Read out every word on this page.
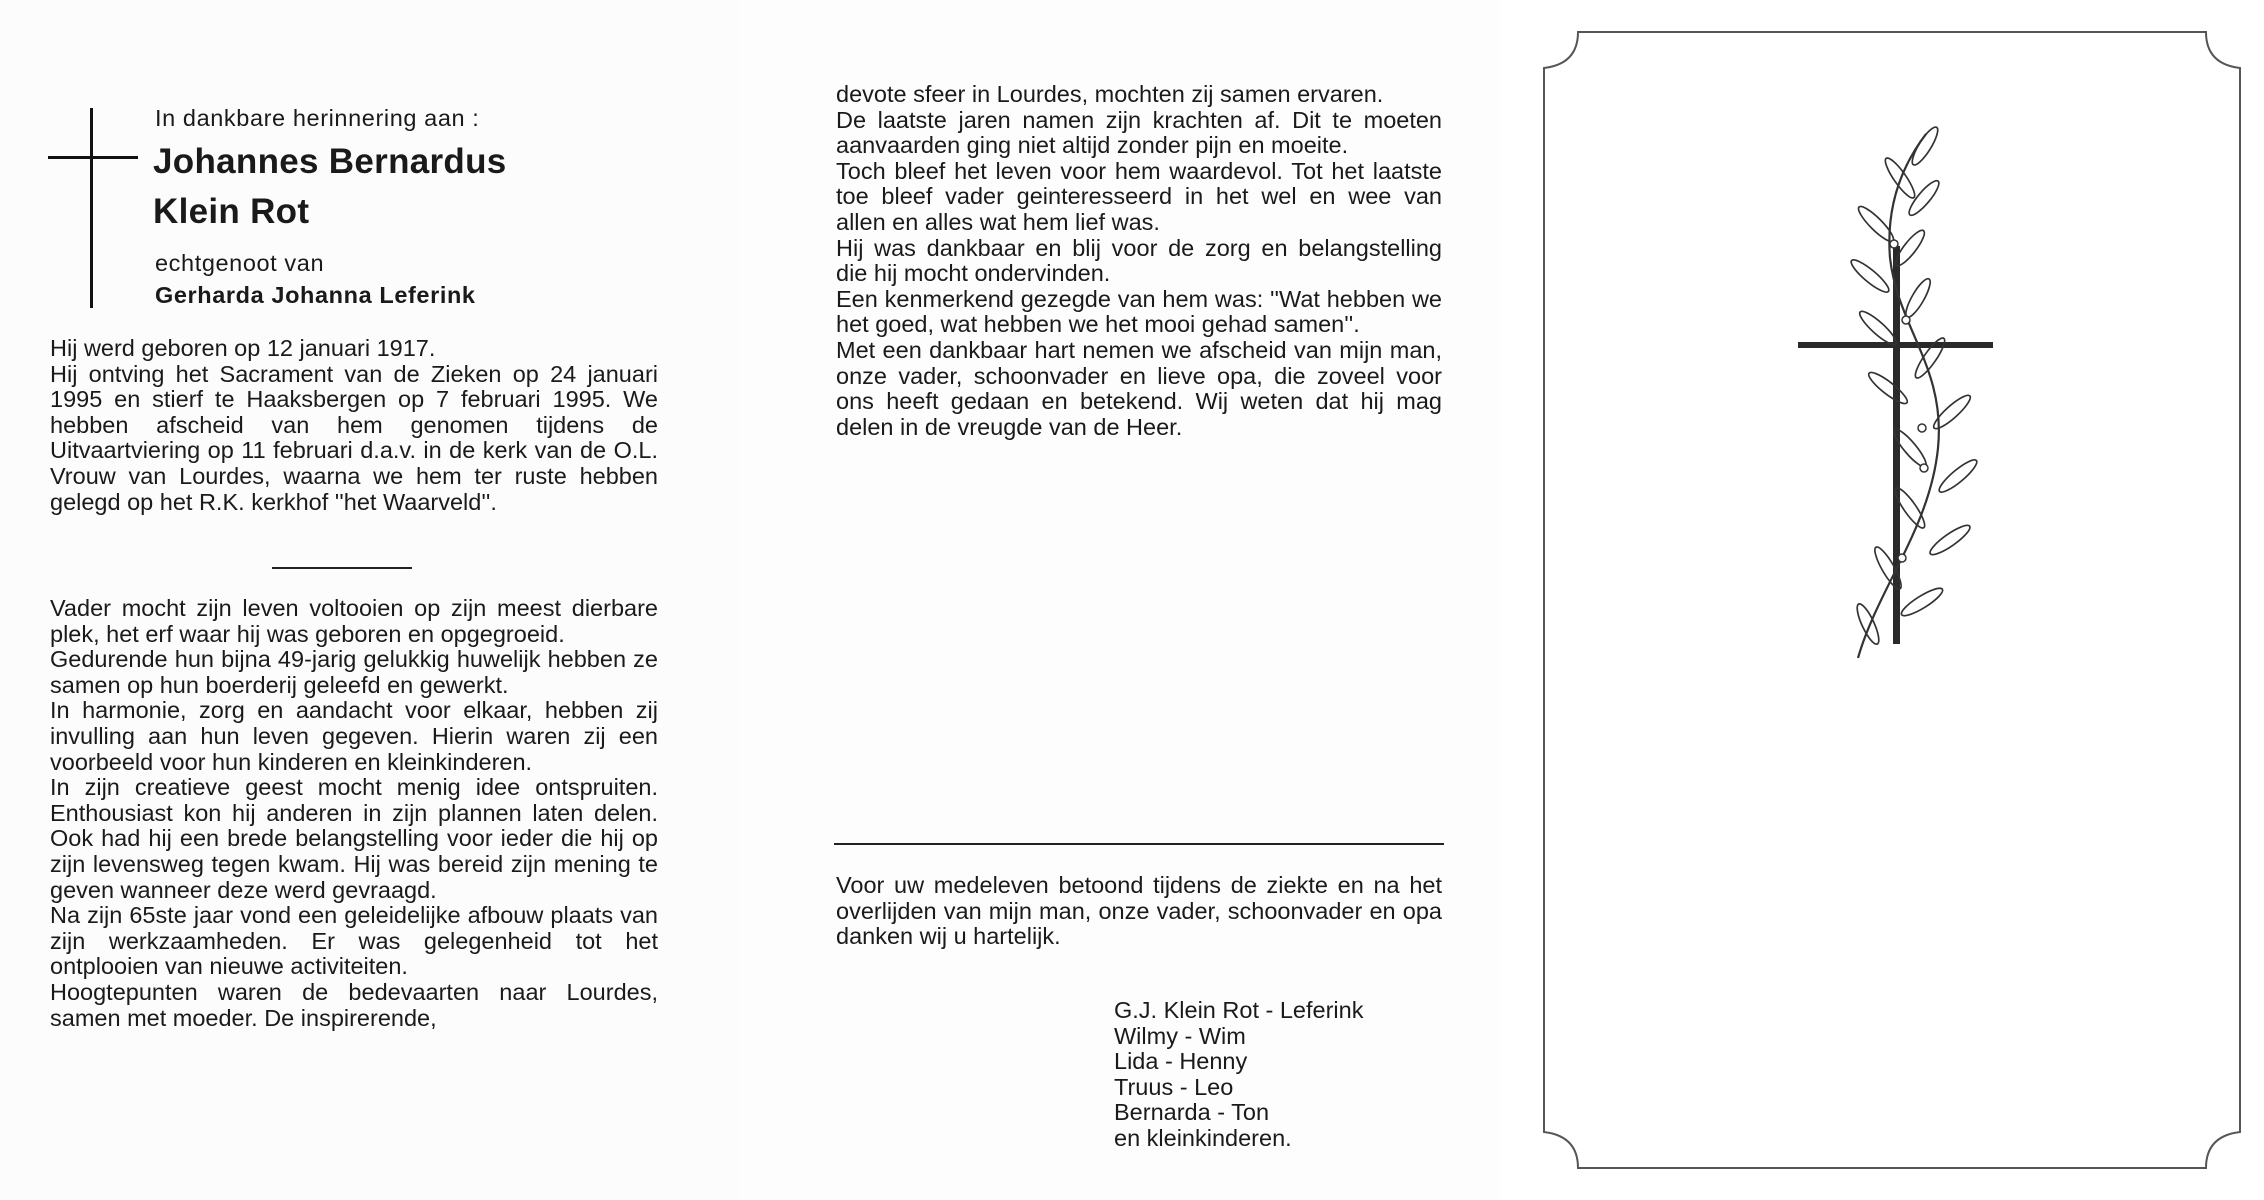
In dankbare herinnering aan :
Johannes Bernardus
Klein Rot
echtgenoot van
Gerharda Johanna Leferink

Hij werd geboren op 12 januari 1917.
Hij ontving het Sacrament van de Zieken op 24 januari 1995 en stierf te Haaksbergen op 7 februari 1995. We hebben afscheid van hem genomen tijdens de Uitvaartviering op 11 februari d.a.v. in de kerk van de O.L. Vrouw van Lourdes, waarna we hem ter ruste hebben gelegd op het R.K. kerkhof ''het Waarveld''.

Vader mocht zijn leven voltooien op zijn meest dierbare plek, het erf waar hij was geboren en opgegroeid.
Gedurende hun bijna 49-jarig gelukkig huwelijk hebben ze samen op hun boerderij geleefd en gewerkt.
In harmonie, zorg en aandacht voor elkaar, hebben zij invulling aan hun leven gegeven. Hierin waren zij een voorbeeld voor hun kinderen en kleinkinderen.
In zijn creatieve geest mocht menig idee ontspruiten. Enthousiast kon hij anderen in zijn plannen laten delen. Ook had hij een brede belangstelling voor ieder die hij op zijn levensweg tegen kwam. Hij was bereid zijn mening te geven wanneer deze werd gevraagd.
Na zijn 65ste jaar vond een geleidelijke afbouw plaats van zijn werkzaamheden. Er was gelegenheid tot het ontplooien van nieuwe activiteiten.
Hoogtepunten waren de bedevaarten naar Lourdes, samen met moeder. De inspirerende,

devote sfeer in Lourdes, mochten zij samen ervaren.
De laatste jaren namen zijn krachten af. Dit te moeten aanvaarden ging niet altijd zonder pijn en moeite.
Toch bleef het leven voor hem waardevol. Tot het laatste toe bleef vader geinteresseerd in het wel en wee van allen en alles wat hem lief was.
Hij was dankbaar en blij voor de zorg en belangstelling die hij mocht ondervinden.
Een kenmerkend gezegde van hem was: ''Wat hebben we het goed, wat hebben we het mooi gehad samen''.
Met een dankbaar hart nemen we afscheid van mijn man, onze vader, schoonvader en lieve opa, die zoveel voor ons heeft gedaan en betekend. Wij weten dat hij mag delen in de vreugde van de Heer.

Voor uw medeleven betoond tijdens de ziekte en na het overlijden van mijn man, onze vader, schoonvader en opa danken wij u hartelijk.

G.J. Klein Rot - Leferink
Wilmy - Wim
Lida - Henny
Truus - Leo
Bernarda - Ton
en kleinkinderen.
